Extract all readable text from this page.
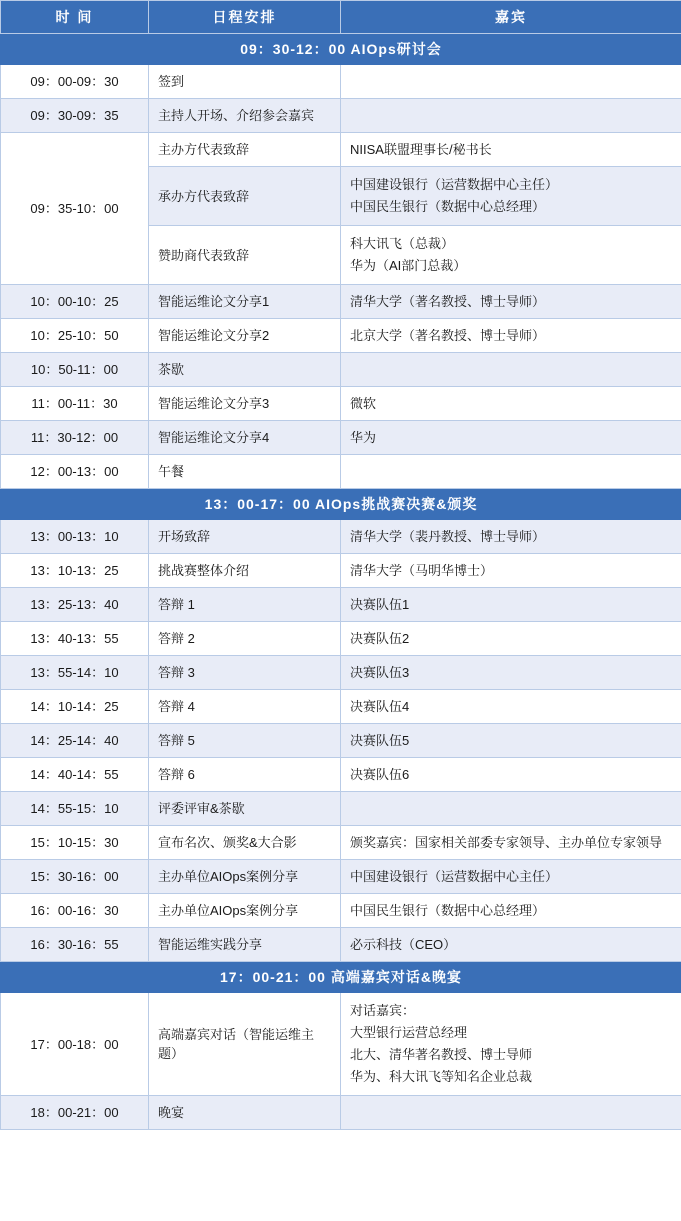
时 间	日程安排	嘉宾
09：30-12：00 AIOps研讨会		

09：00-09：30	签到	

09：30-09：35	主持人开场、介绍参会嘉宾	

09：35-10：00	主办方代表致辞	NIISA联盟理事长/秘书长

	承办方代表致辞	中国建设银行（运营数据中心主任）
中国民生银行（数据中心总经理）

	赞助商代表致辞	科大讯飞（总裁）
华为（AI部门总裁）

10：00-10：25	智能运维论文分享1	清华大学（著名教授、博士导师）

10：25-10：50	智能运维论文分享2	北京大学（著名教授、博士导师）

10：50-11：00	茶歇	

11：00-11：30	智能运维论文分享3	微软

11：30-12：00	智能运维论文分享4	华为

12：00-13：00	午餐	

13：00-17：00 AIOps挑战赛决赛&颁奖		

13：00-13：10	开场致辞	清华大学（裴丹教授、博士导师）

13：10-13：25	挑战赛整体介绍	清华大学（马明华博士）

13：25-13：40	答辩 1	决赛队伍1

13：40-13：55	答辩 2	决赛队伍2

13：55-14：10	答辩 3	决赛队伍3

14：10-14：25	答辩 4	决赛队伍4

14：25-14：40	答辩 5	决赛队伍5

14：40-14：55	答辩 6	决赛队伍6

14：55-15：10	评委评审&茶歇	

15：10-15：30	宣布名次、颁奖&大合影	颁奖嘉宾：国家相关部委专家领导、主办单位专家领导

15：30-16：00	主办单位AIOps案例分享	中国建设银行（运营数据中心主任）

16：00-16：30	主办单位AIOps案例分享	中国民生银行（数据中心总经理）

16：30-16：55	智能运维实践分享	必示科技（CEO）

17：00-21：00 高端嘉宾对话&晚宴		

17：00-18：00	高端嘉宾对话（智能运维主题）	对话嘉宾：
大型银行运营总经理
北大、清华著名教授、博士导师
华为、科大讯飞等知名企业总裁

18：00-21：00	晚宴	
